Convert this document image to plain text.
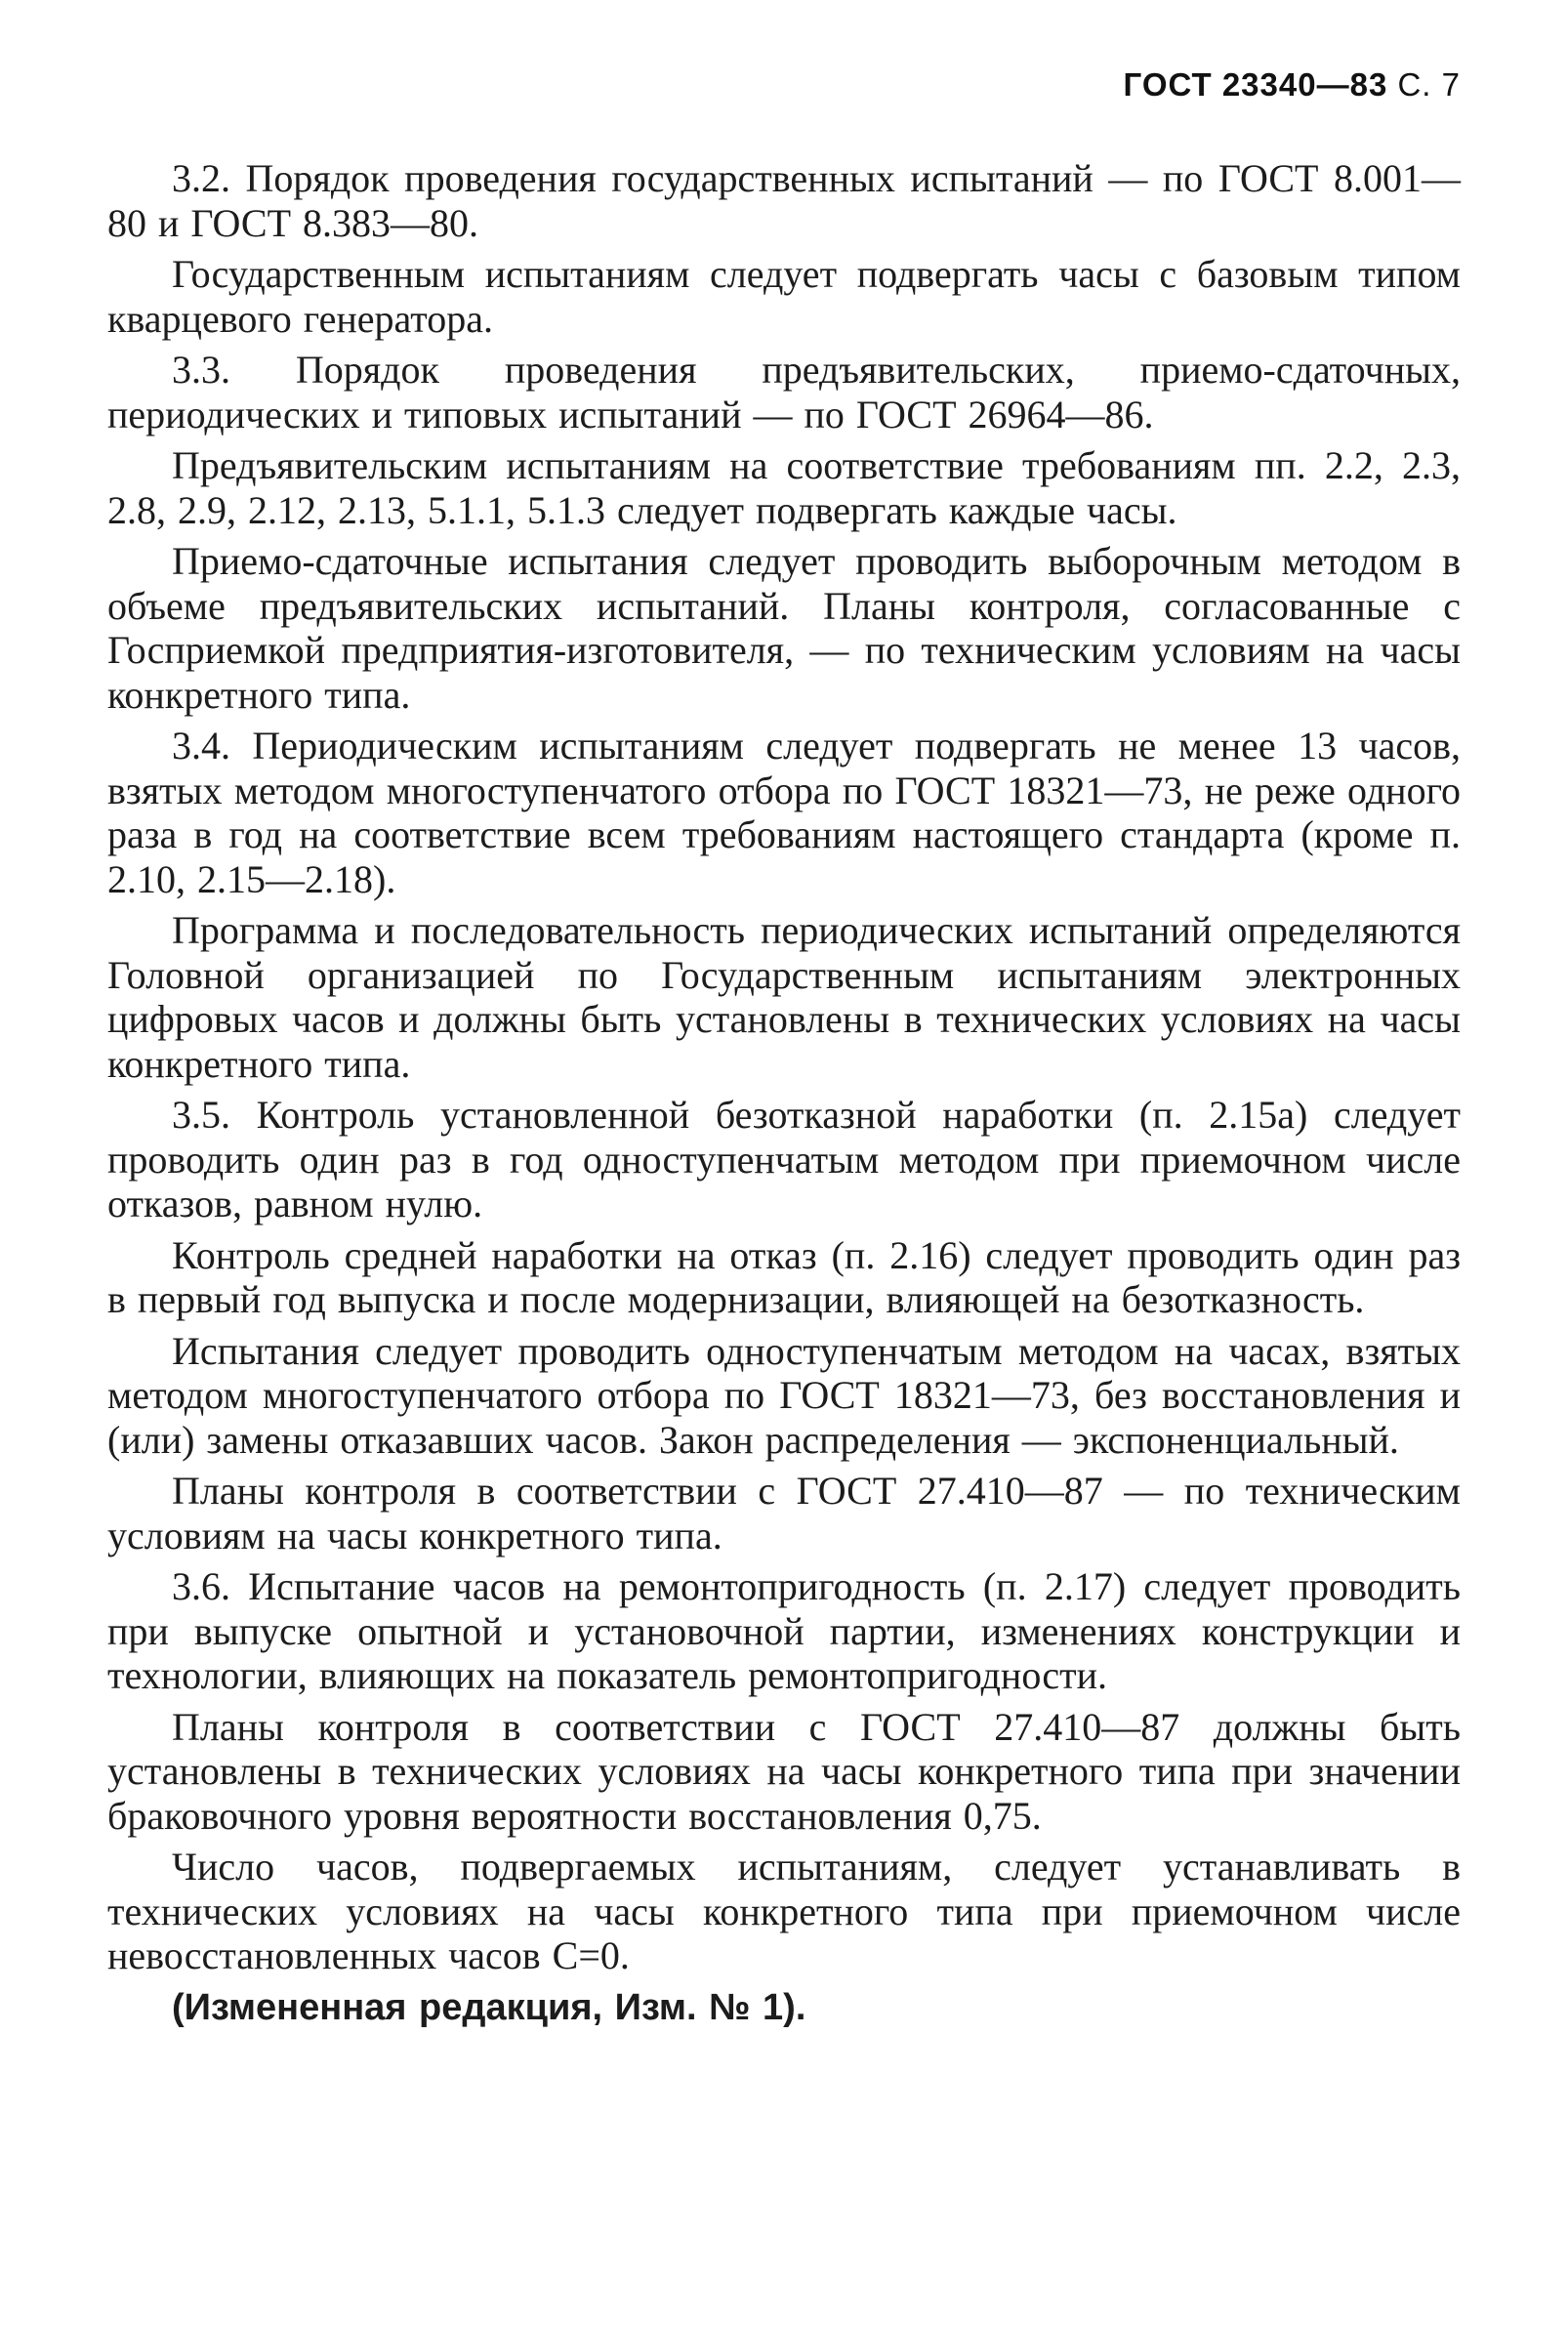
ГОСТ 23340—83 С. 7

3.2. Порядок проведения государственных испытаний — по ГОСТ 8.001—80 и ГОСТ 8.383—80.

Государственным испытаниям следует подвергать часы с базовым типом кварцевого генератора.

3.3. Порядок проведения предъявительских, приемо-сдаточных, периодических и типовых испытаний — по ГОСТ 26964—86.

Предъявительским испытаниям на соответствие требованиям пп. 2.2, 2.3, 2.8, 2.9, 2.12, 2.13, 5.1.1, 5.1.3 следует подвергать каждые часы.

Приемо-сдаточные испытания следует проводить выборочным методом в объеме предъявительских испытаний. Планы контроля, согласованные с Госприемкой предприятия-изготовителя, — по техническим условиям на часы конкретного типа.

3.4. Периодическим испытаниям следует подвергать не менее 13 часов, взятых методом многоступенчатого отбора по ГОСТ 18321—73, не реже одного раза в год на соответствие всем требованиям настоящего стандарта (кроме п. 2.10, 2.15—2.18).

Программа и последовательность периодических испытаний определяются Головной организацией по Государственным испытаниям электронных цифровых часов и должны быть установлены в технических условиях на часы конкретного типа.

3.5. Контроль установленной безотказной наработки (п. 2.15а) следует проводить один раз в год одноступенчатым методом при приемочном числе отказов, равном нулю.

Контроль средней наработки на отказ (п. 2.16) следует проводить один раз в первый год выпуска и после модернизации, влияющей на безотказность.

Испытания следует проводить одноступенчатым методом на часах, взятых методом многоступенчатого отбора по ГОСТ 18321—73, без восстановления и (или) замены отказавших часов. Закон распределения — экспоненциальный.

Планы контроля в соответствии с ГОСТ 27.410—87 — по техническим условиям на часы конкретного типа.

3.6. Испытание часов на ремонтопригодность (п. 2.17) следует проводить при выпуске опытной и установочной партии, изменениях конструкции и технологии, влияющих на показатель ремонтопригодности.

Планы контроля в соответствии с ГОСТ 27.410—87 должны быть установлены в технических условиях на часы конкретного типа при значении браковочного уровня вероятности восстановления 0,75.

Число часов, подвергаемых испытаниям, следует устанавливать в технических условиях на часы конкретного типа при приемочном числе невосстановленных часов С=0.

(Измененная редакция, Изм. № 1).
